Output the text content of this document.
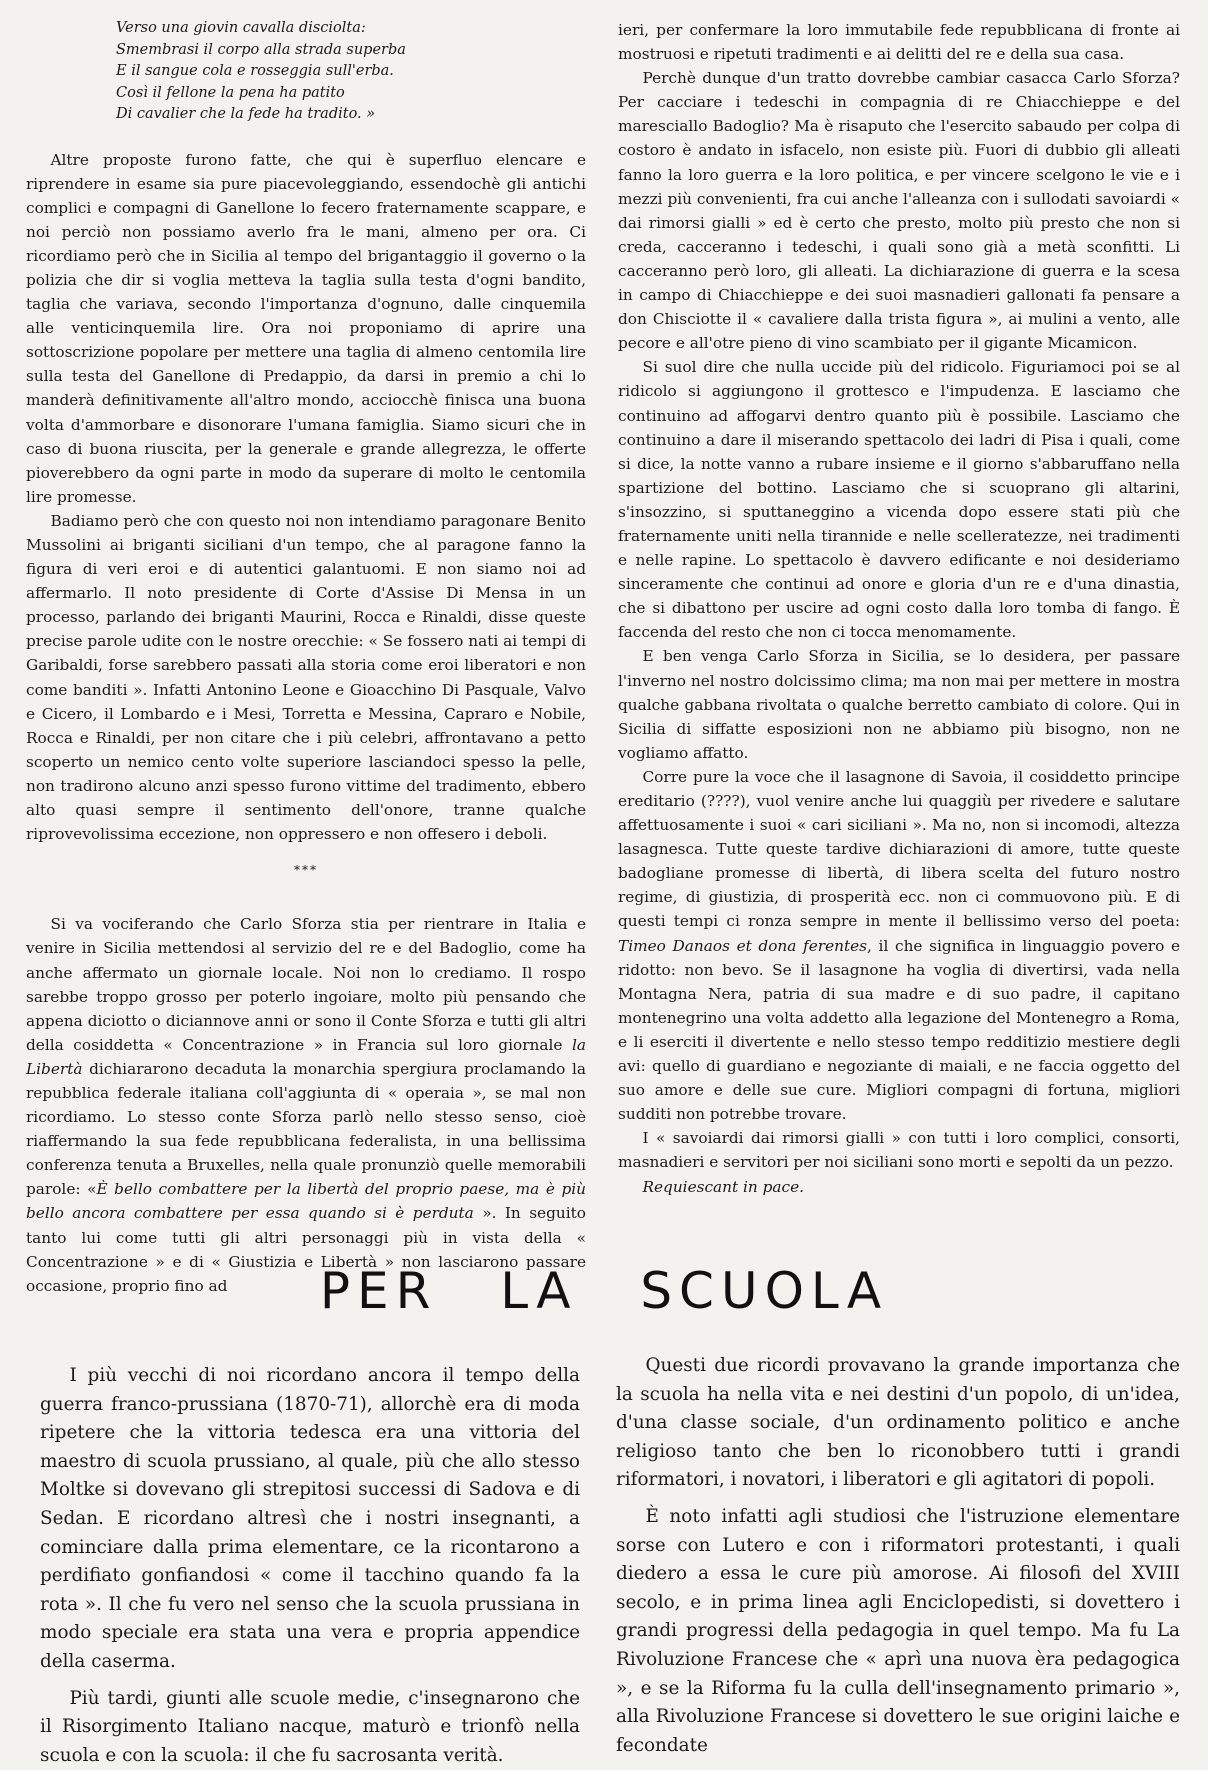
Verso una giovin cavalla disciolta:
Smembrasi il corpo alla strada superba
E il sangue cola e rosseggia sull'erba.
Così il fellone la pena ha patito
Di cavalier che la fede ha tradito. »

Altre proposte furono fatte, che qui è superfluo elencare e riprendere in esame sia pure piacevoleggiando, essendochè gli antichi complici e compagni di Ganellone lo fecero fraternamente scappare, e noi perciò non possiamo averlo fra le mani, almeno per ora. Ci ricordiamo però che in Sicilia al tempo del brigantaggio il governo o la polizia che dir si voglia metteva la taglia sulla testa d'ogni bandito, taglia che variava, secondo l'importanza d'ognuno, dalle cinquemila alle venticinquemila lire. Ora noi proponiamo di aprire una sottoscrizione popolare per mettere una taglia di almeno centomila lire sulla testa del Ganellone di Predappio, da darsi in premio a chi lo manderà definitivamente all'altro mondo, acciocchè finisca una buona volta d'ammorbare e disonorare l'umana famiglia. Siamo sicuri che in caso di buona riuscita, per la generale e grande allegrezza, le offerte pioverebbero da ogni parte in modo da superare di molto le centomila lire promesse.

Badiamo però che con questo noi non intendiamo paragonare Benito Mussolini ai briganti siciliani d'un tempo, che al paragone fanno la figura di veri eroi e di autentici galantuomi. E non siamo noi ad affermarlo. Il noto presidente di Corte d'Assise Di Mensa in un processo, parlando dei briganti Maurini, Rocca e Rinaldi, disse queste precise parole udite con le nostre orecchie: « Se fossero nati ai tempi di Garibaldi, forse sarebbero passati alla storia come eroi liberatori e non come banditi ». Infatti Antonino Leone e Gioacchino Di Pasquale, Valvo e Cicero, il Lombardo e i Mesi, Torretta e Messina, Capraro e Nobile, Rocca e Rinaldi, per non citare che i più celebri, affrontavano a petto scoperto un nemico cento volte superiore lasciandoci spesso la pelle, non tradirono alcuno anzi spesso furono vittime del tradimento, ebbero alto quasi sempre il sentimento dell'onore, tranne qualche riprovevolissima eccezione, non oppressero e non offesero i deboli.

***

Si va vociferando che Carlo Sforza stia per rientrare in Italia e venire in Sicilia mettendosi al servizio del re e del Badoglio, come ha anche affermato un giornale locale. Noi non lo crediamo. Il rospo sarebbe troppo grosso per poterlo ingoiare, molto più pensando che appena diciotto o diciannove anni or sono il Conte Sforza e tutti gli altri della cosiddetta « Concentrazione » in Francia sul loro giornale la Libertà dichiararono decaduta la monarchia spergiura proclamando la repubblica federale italiana coll'aggiunta di « operaia », se mal non ricordiamo. Lo stesso conte Sforza parlò nello stesso senso, cioè riaffermando la sua fede repubblicana federalista, in una bellissima conferenza tenuta a Bruxelles, nella quale pronunziò quelle memorabili parole: «È bello combattere per la libertà del proprio paese, ma è più bello ancora combattere per essa quando si è perduta ». In seguito tanto lui come tutti gli altri personaggi più in vista della « Concentrazione » e di « Giustizia e Libertà » non lasciarono passare occasione, proprio fino ad

ieri, per confermare la loro immutabile fede repubblicana di fronte ai mostruosi e ripetuti tradimenti e ai delitti del re e della sua casa.

Perchè dunque d'un tratto dovrebbe cambiar casacca Carlo Sforza? Per cacciare i tedeschi in compagnia di re Chiacchieppe e del maresciallo Badoglio? Ma è risaputo che l'esercito sabaudo per colpa di costoro è andato in isfacelo, non esiste più. Fuori di dubbio gli alleati fanno la loro guerra e la loro politica, e per vincere scelgono le vie e i mezzi più convenienti, fra cui anche l'alleanza con i sullodati savoiardi « dai rimorsi gialli » ed è certo che presto, molto più presto che non si creda, cacceranno i tedeschi, i quali sono già a metà sconfitti. Li cacceranno però loro, gli alleati. La dichiarazione di guerra e la scesa in campo di Chiacchieppe e dei suoi masnadieri gallonati fa pensare a don Chisciotte il « cavaliere dalla trista figura », ai mulini a vento, alle pecore e all'otre pieno di vino scambiato per il gigante Micamicon.

Si suol dire che nulla uccide più del ridicolo. Figuriamoci poi se al ridicolo si aggiungono il grottesco e l'impudenza. E lasciamo che continuino ad affogarvi dentro quanto più è possibile. Lasciamo che continuino a dare il miserando spettacolo dei ladri di Pisa i quali, come si dice, la notte vanno a rubare insieme e il giorno s'abbaruffano nella spartizione del bottino. Lasciamo che si scuoprano gli altarini, s'insozzino, si sputtaneggino a vicenda dopo essere stati più che fraternamente uniti nella tirannide e nelle scelleratezze, nei tradimenti e nelle rapine. Lo spettacolo è davvero edificante e noi desideriamo sinceramente che continui ad onore e gloria d'un re e d'una dinastia, che si dibattono per uscire ad ogni costo dalla loro tomba di fango. È faccenda del resto che non ci tocca menomamente.

E ben venga Carlo Sforza in Sicilia, se lo desidera, per passare l'inverno nel nostro dolcissimo clima; ma non mai per mettere in mostra qualche gabbana rivoltata o qualche berretto cambiato di colore. Qui in Sicilia di siffatte esposizioni non ne abbiamo più bisogno, non ne vogliamo affatto.

Corre pure la voce che il lasagnone di Savoia, il cosiddetto principe ereditario (????), vuol venire anche lui quaggiù per rivedere e salutare affettuosamente i suoi « cari siciliani ». Ma no, non si incomodi, altezza lasagnesca. Tutte queste tardive dichiarazioni di amore, tutte queste badogliane promesse di libertà, di libera scelta del futuro nostro regime, di giustizia, di prosperità ecc. non ci commuovono più. E di questi tempi ci ronza sempre in mente il bellissimo verso del poeta: Timeo Danaos et dona ferentes, il che significa in linguaggio povero e ridotto: non bevo. Se il lasagnone ha voglia di divertirsi, vada nella Montagna Nera, patria di sua madre e di suo padre, il capitano montenegrino una volta addetto alla legazione del Montenegro a Roma, e li eserciti il divertente e nello stesso tempo redditizio mestiere degli avi: quello di guardiano e negoziante di maiali, e ne faccia oggetto del suo amore e delle sue cure. Migliori compagni di fortuna, migliori sudditi non potrebbe trovare.

I « savoiardi dai rimorsi gialli » con tutti i loro complici, consorti, masnadieri e servitori per noi siciliani sono morti e sepolti da un pezzo.

Requiescant in pace.

PER LA SCUOLA

I più vecchi di noi ricordano ancora il tempo della guerra franco-prussiana (1870-71), allorchè era di moda ripetere che la vittoria tedesca era una vittoria del maestro di scuola prussiano, al quale, più che allo stesso Moltke si dovevano gli strepitosi successi di Sadova e di Sedan. E ricordano altresì che i nostri insegnanti, a cominciare dalla prima elementare, ce la ricontarono a perdifiato gonfiandosi « come il tacchino quando fa la rota ». Il che fu vero nel senso che la scuola prussiana in modo speciale era stata una vera e propria appendice della caserma.

Più tardi, giunti alle scuole medie, c'insegnarono che il Risorgimento Italiano nacque, maturò e trionfò nella scuola e con la scuola: il che fu sacrosanta verità.

Questi due ricordi provavano la grande importanza che la scuola ha nella vita e nei destini d'un popolo, di un'idea, d'una classe sociale, d'un ordinamento politico e anche religioso tanto che ben lo riconobbero tutti i grandi riformatori, i novatori, i liberatori e gli agitatori di popoli.

È noto infatti agli studiosi che l'istruzione elementare sorse con Lutero e con i riformatori protestanti, i quali diedero a essa le cure più amorose. Ai filosofi del XVIII secolo, e in prima linea agli Enciclopedisti, si dovettero i grandi progressi della pedagogia in quel tempo. Ma fu La Rivoluzione Francese che « aprì una nuova èra pedagogica », e se la Riforma fu la culla dell'insegnamento primario », alla Rivoluzione Francese si dovettero le sue origini laiche e fecondate
